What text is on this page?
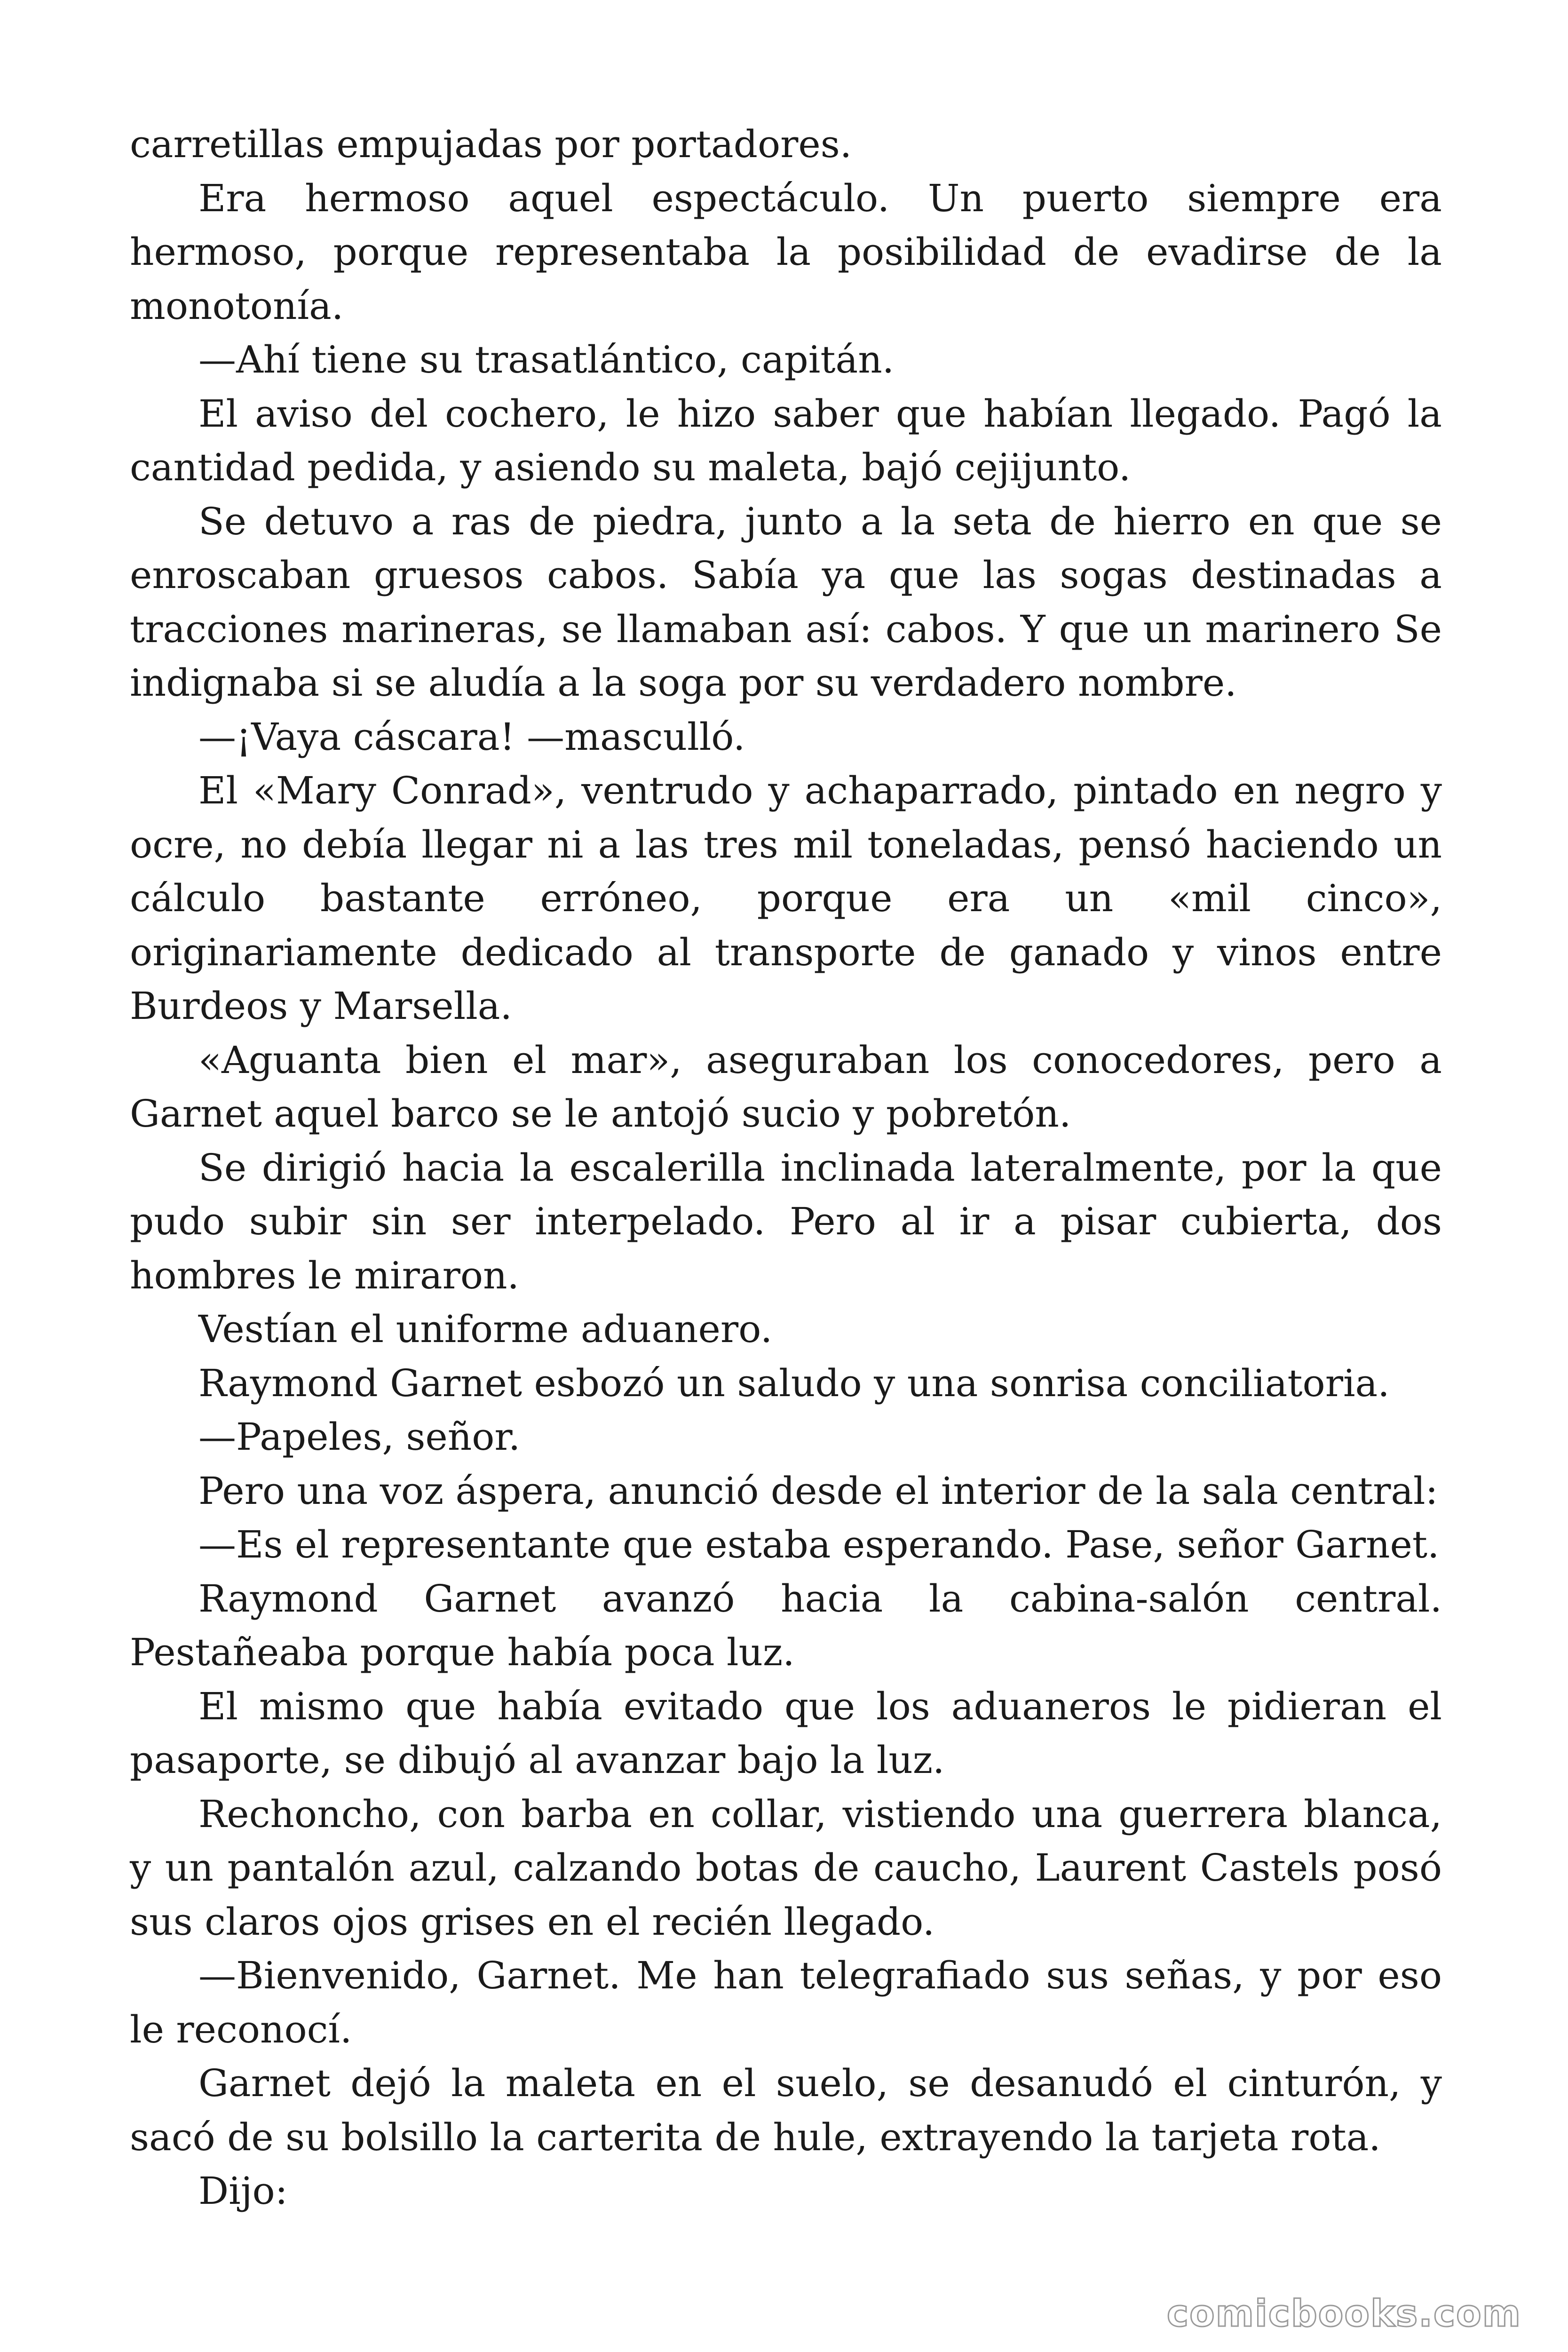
carretillas empujadas por portadores.

Era hermoso aquel espectáculo. Un puerto siempre era hermoso, porque representaba la posibilidad de evadirse de la monotonía.

—Ahí tiene su trasatlántico, capitán.

El aviso del cochero, le hizo saber que habían llegado. Pagó la cantidad pedida, y asiendo su maleta, bajó cejijunto.

Se detuvo a ras de piedra, junto a la seta de hierro en que se enroscaban gruesos cabos. Sabía ya que las sogas destinadas a tracciones marineras, se llamaban así: cabos. Y que un marinero Se indignaba si se aludía a la soga por su verdadero nombre.

—¡Vaya cáscara! —masculló.

El «Mary Conrad», ventrudo y achaparrado, pintado en negro y ocre, no debía llegar ni a las tres mil toneladas, pensó haciendo un cálculo bastante erróneo, porque era un «mil cinco», originariamente dedicado al transporte de ganado y vinos entre Burdeos y Marsella.

«Aguanta bien el mar», aseguraban los conocedores, pero a Garnet aquel barco se le antojó sucio y pobretón.

Se dirigió hacia la escalerilla inclinada lateralmente, por la que pudo subir sin ser interpelado. Pero al ir a pisar cubierta, dos hombres le miraron.

Vestían el uniforme aduanero.

Raymond Garnet esbozó un saludo y una sonrisa conciliatoria.

—Papeles, señor.

Pero una voz áspera, anunció desde el interior de la sala central:

—Es el representante que estaba esperando. Pase, señor Garnet.

Raymond Garnet avanzó hacia la cabina-salón central. Pestañeaba porque había poca luz.

El mismo que había evitado que los aduaneros le pidieran el pasaporte, se dibujó al avanzar bajo la luz.

Rechoncho, con barba en collar, vistiendo una guerrera blanca, y un pantalón azul, calzando botas de caucho, Laurent Castels posó sus claros ojos grises en el recién llegado.

—Bienvenido, Garnet. Me han telegrafiado sus señas, y por eso le reconocí.

Garnet dejó la maleta en el suelo, se desanudó el cinturón, y sacó de su bolsillo la carterita de hule, extrayendo la tarjeta rota.

Dijo:

comicbooks.com
